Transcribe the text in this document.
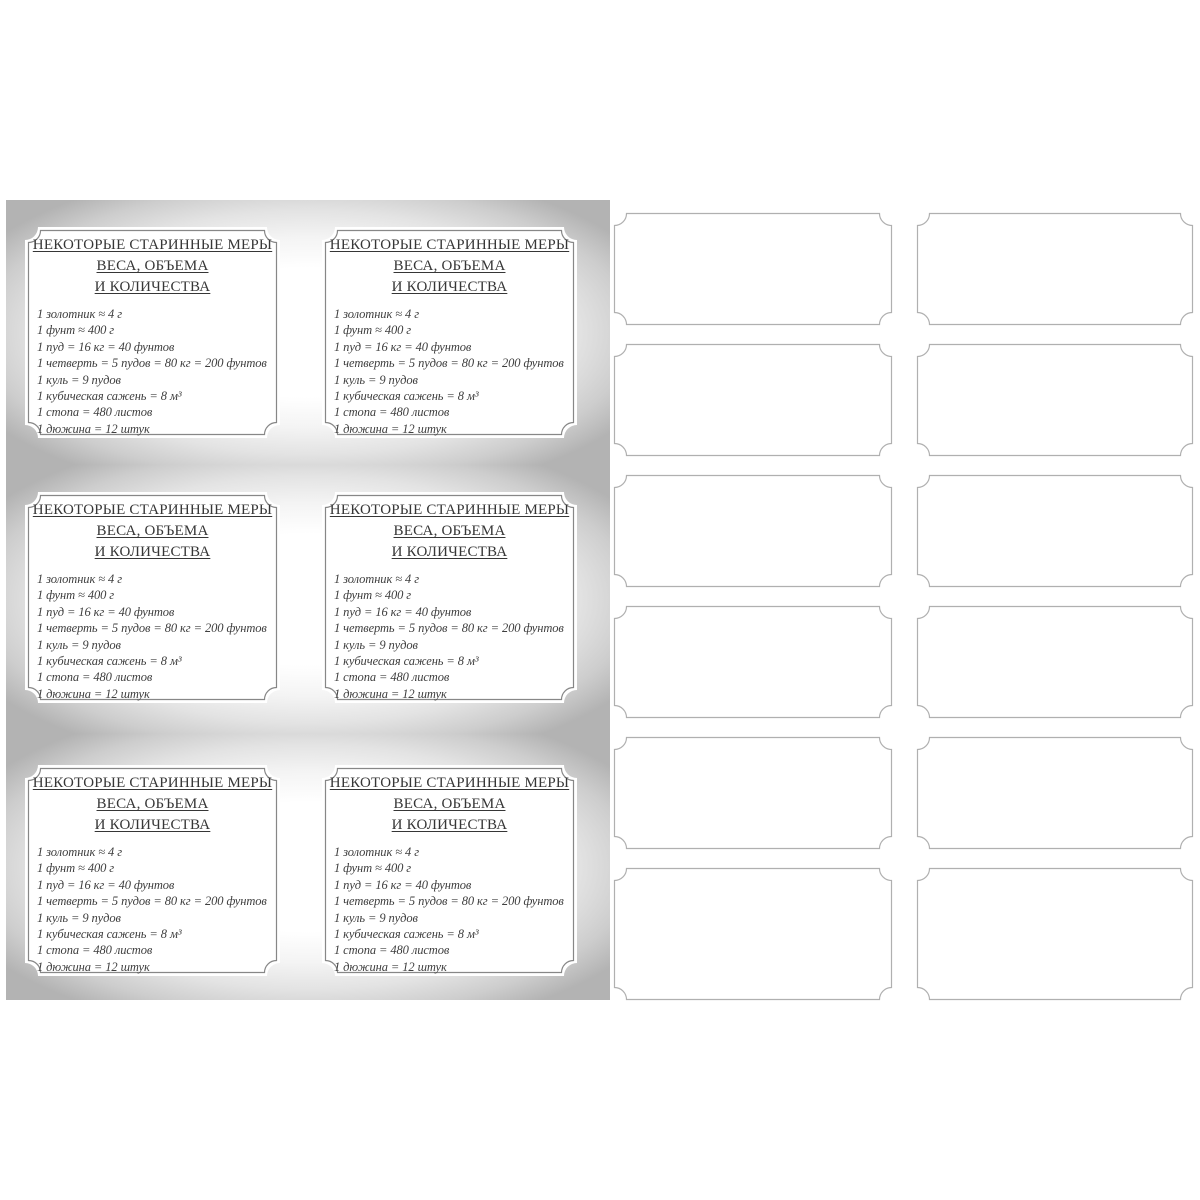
НЕКОТОРЫЕ СТАРИННЫЕ МЕРЫ
ВЕСА, ОБЪЕМА
И КОЛИЧЕСТВА
1 золотник ≈ 4 г
1 фунт ≈ 400 г
1 пуд = 16 кг = 40 фунтов
1 четверть = 5 пудов = 80 кг = 200 фунтов
1 куль = 9 пудов
1 кубическая сажень = 8 м³
1 стопа = 480 листов
1 дюжина = 12 штук
НЕКОТОРЫЕ СТАРИННЫЕ МЕРЫ
ВЕСА, ОБЪЕМА
И КОЛИЧЕСТВА
1 золотник ≈ 4 г
1 фунт ≈ 400 г
1 пуд = 16 кг = 40 фунтов
1 четверть = 5 пудов = 80 кг = 200 фунтов
1 куль = 9 пудов
1 кубическая сажень = 8 м³
1 стопа = 480 листов
1 дюжина = 12 штук
НЕКОТОРЫЕ СТАРИННЫЕ МЕРЫ
ВЕСА, ОБЪЕМА
И КОЛИЧЕСТВА
1 золотник ≈ 4 г
1 фунт ≈ 400 г
1 пуд = 16 кг = 40 фунтов
1 четверть = 5 пудов = 80 кг = 200 фунтов
1 куль = 9 пудов
1 кубическая сажень = 8 м³
1 стопа = 480 листов
1 дюжина = 12 штук
НЕКОТОРЫЕ СТАРИННЫЕ МЕРЫ
ВЕСА, ОБЪЕМА
И КОЛИЧЕСТВА
1 золотник ≈ 4 г
1 фунт ≈ 400 г
1 пуд = 16 кг = 40 фунтов
1 четверть = 5 пудов = 80 кг = 200 фунтов
1 куль = 9 пудов
1 кубическая сажень = 8 м³
1 стопа = 480 листов
1 дюжина = 12 штук
НЕКОТОРЫЕ СТАРИННЫЕ МЕРЫ
ВЕСА, ОБЪЕМА
И КОЛИЧЕСТВА
1 золотник ≈ 4 г
1 фунт ≈ 400 г
1 пуд = 16 кг = 40 фунтов
1 четверть = 5 пудов = 80 кг = 200 фунтов
1 куль = 9 пудов
1 кубическая сажень = 8 м³
1 стопа = 480 листов
1 дюжина = 12 штук
НЕКОТОРЫЕ СТАРИННЫЕ МЕРЫ
ВЕСА, ОБЪЕМА
И КОЛИЧЕСТВА
1 золотник ≈ 4 г
1 фунт ≈ 400 г
1 пуд = 16 кг = 40 фунтов
1 четверть = 5 пудов = 80 кг = 200 фунтов
1 куль = 9 пудов
1 кубическая сажень = 8 м³
1 стопа = 480 листов
1 дюжина = 12 штук
